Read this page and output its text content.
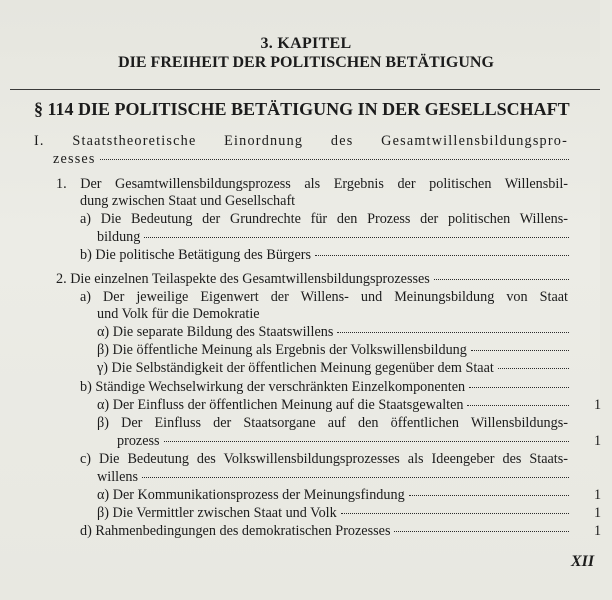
3. KAPITEL
DIE FREIHEIT DER POLITISCHEN BETÄTIGUNG
§ 114 DIE POLITISCHE BETÄTIGUNG IN DER GESELLSCHAFT
I. Staatstheoretische Einordnung des Gesamtwillensbildungspro-
zesses
1. Der Gesamtwillensbildungsprozess als Ergebnis der politischen Willensbil-
dung zwischen Staat und Gesellschaft
a) Die Bedeutung der Grundrechte für den Prozess der politischen Willens-
bildung
b) Die politische Betätigung des Bürgers
2. Die einzelnen Teilaspekte des Gesamtwillensbildungsprozesses
a) Der jeweilige Eigenwert der Willens- und Meinungsbildung von Staat
und Volk für die Demokratie
α) Die separate Bildung des Staatswillens
β) Die öffentliche Meinung als Ergebnis der Volkswillensbildung
γ) Die Selbständigkeit der öffentlichen Meinung gegenüber dem Staat
b) Ständige Wechselwirkung der verschränkten Einzelkomponenten
α) Der Einfluss der öffentlichen Meinung auf die Staatsgewalten	1
β) Der Einfluss der Staatsorgane auf den öffentlichen Willensbildungs-
prozess	1
c) Die Bedeutung des Volkswillensbildungsprozesses als Ideengeber des Staats-
willens
α) Der Kommunikationsprozess der Meinungsfindung	1
β) Die Vermittler zwischen Staat und Volk	1
d) Rahmenbedingungen des demokratischen Prozesses	1
XII
